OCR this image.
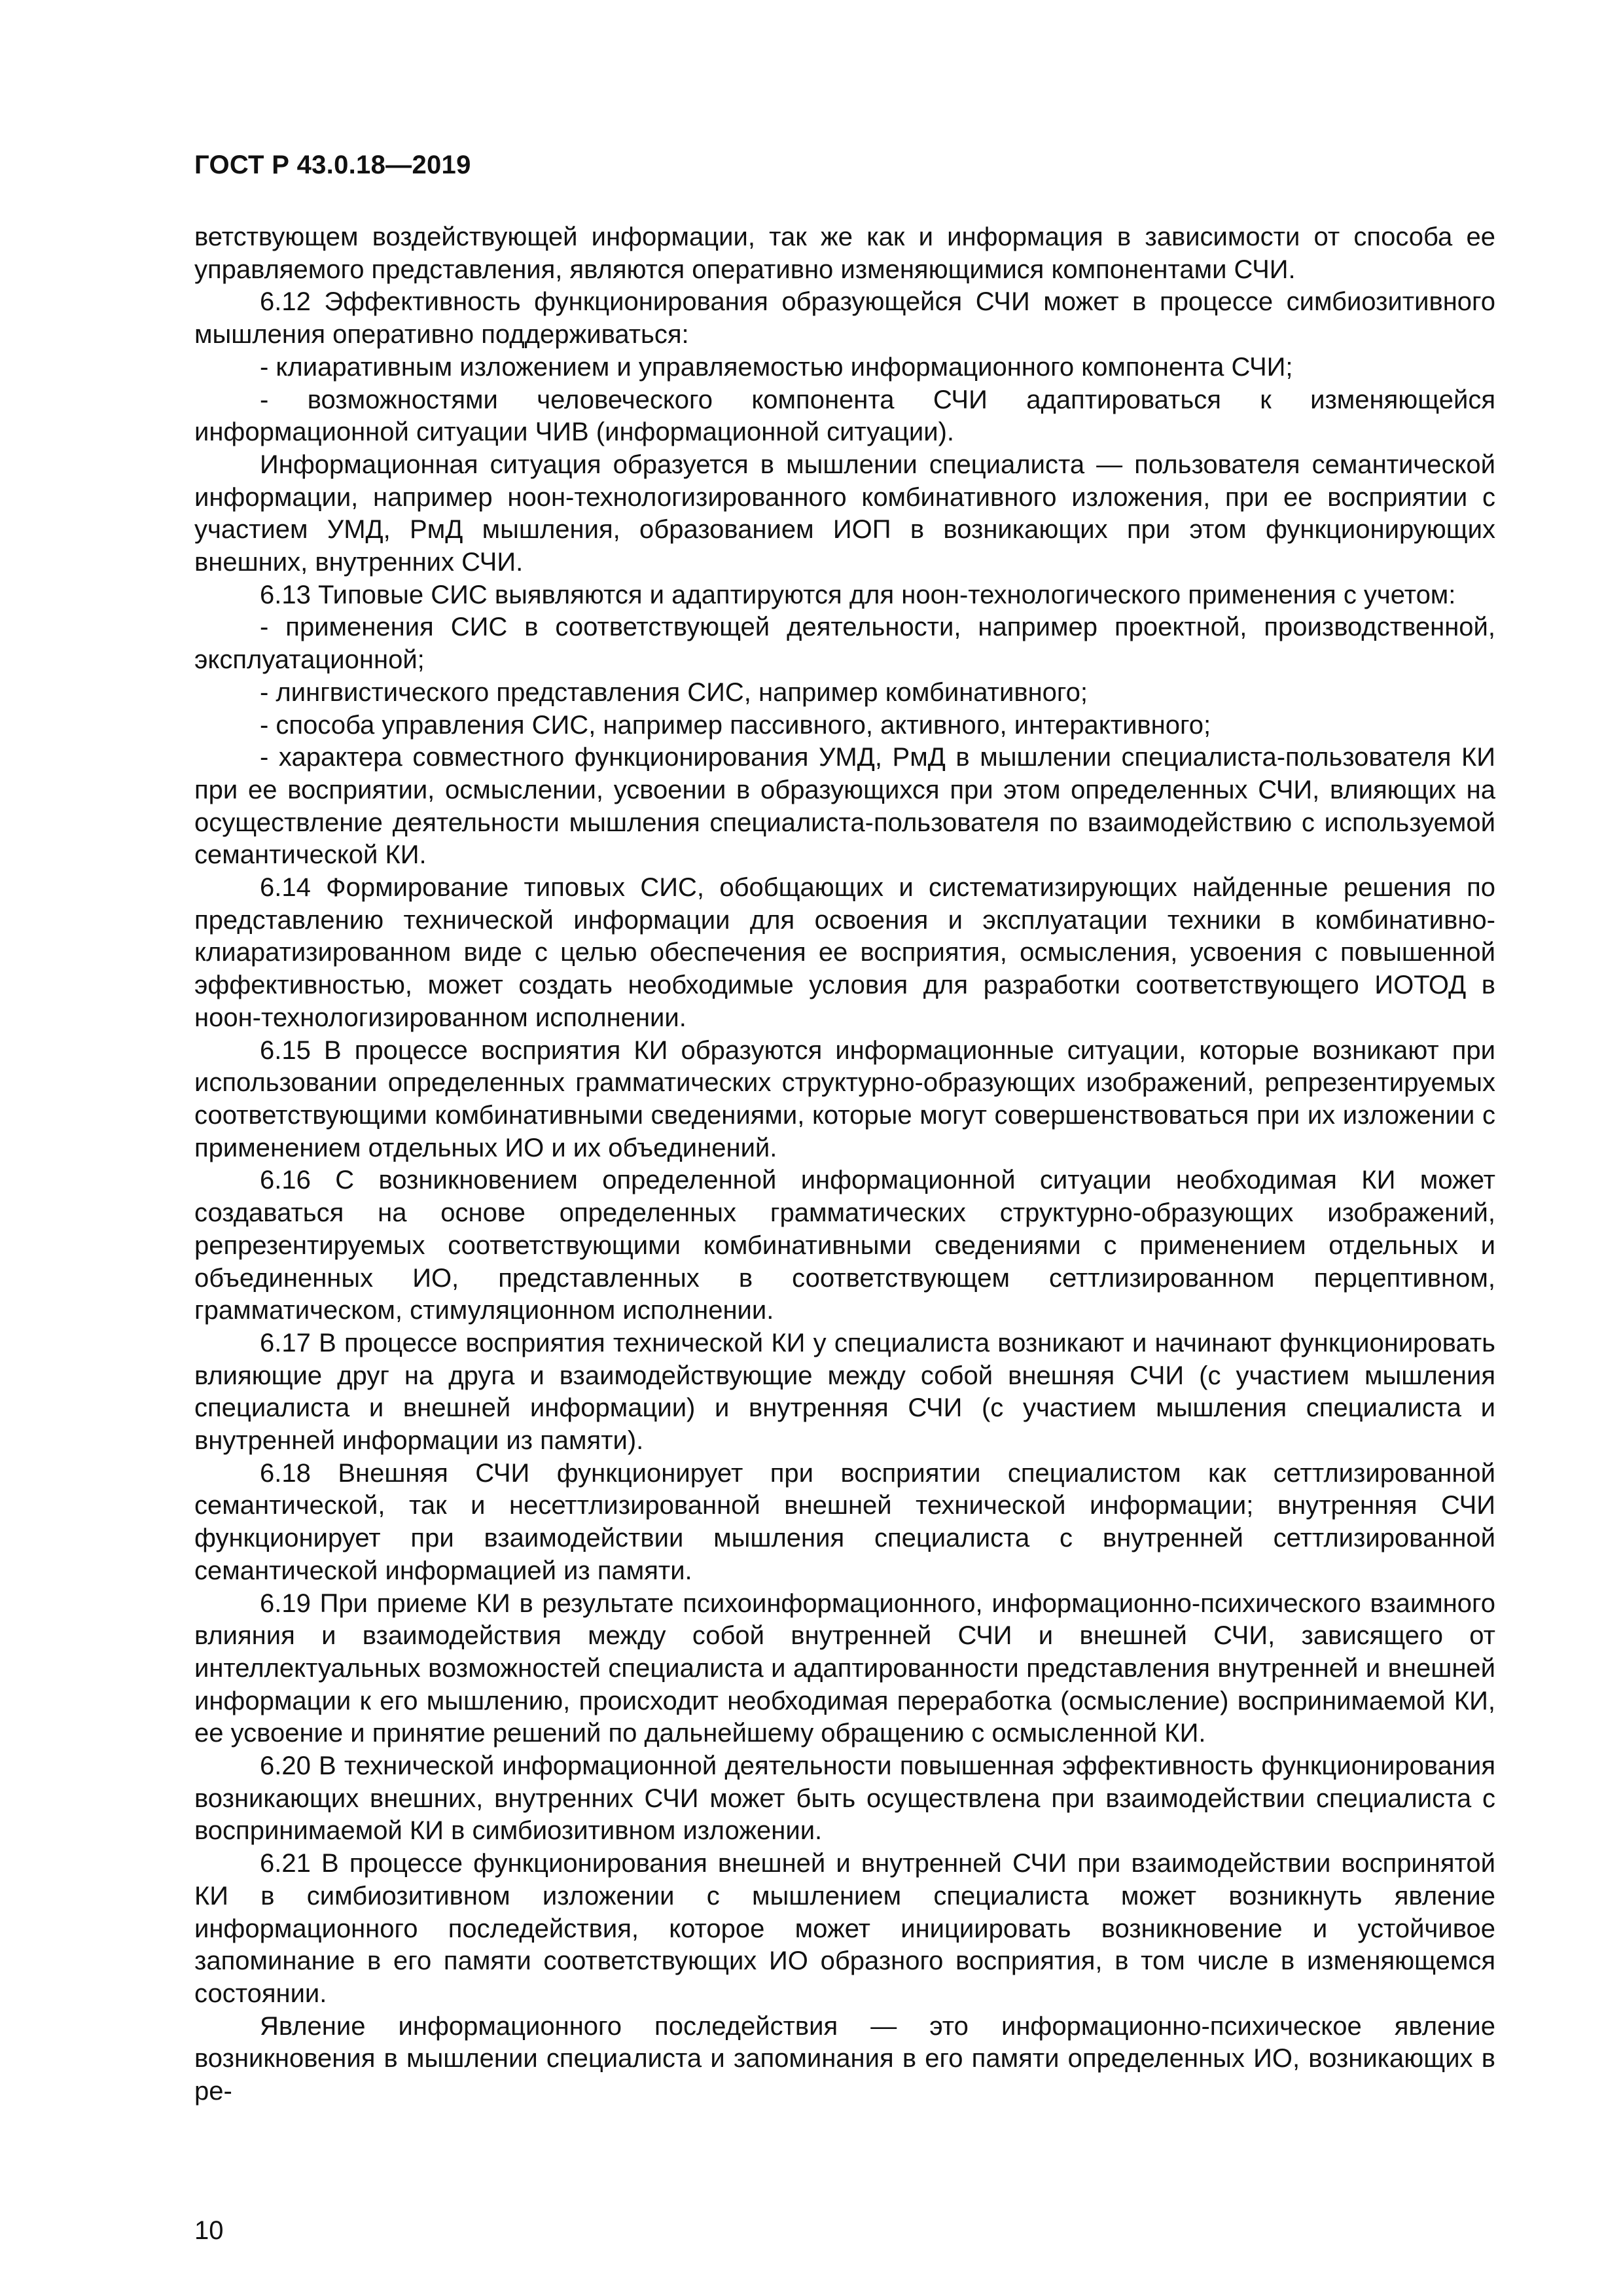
ГОСТ Р 43.0.18—2019

ветствующем воздействующей информации, так же как и информация в зависимости от способа ее управляемого представления, являются оперативно изменяющимися компонентами СЧИ.

6.12 Эффективность функционирования образующейся СЧИ может в процессе симбиозитивного мышления оперативно поддерживаться:

- клиаративным изложением и управляемостью информационного компонента СЧИ;

- возможностями человеческого компонента СЧИ адаптироваться к изменяющейся информационной ситуации ЧИВ (информационной ситуации).

Информационная ситуация образуется в мышлении специалиста — пользователя семантической информации, например ноон-технологизированного комбинативного изложения, при ее восприятии с участием УМД, РмД мышления, образованием ИОП в возникающих при этом функционирующих внешних, внутренних СЧИ.

6.13 Типовые СИС выявляются и адаптируются для ноон-технологического применения с учетом:

- применения СИС в соответствующей деятельности, например проектной, производственной, эксплуатационной;

- лингвистического представления СИС, например комбинативного;

- способа управления СИС, например пассивного, активного, интерактивного;

- характера совместного функционирования УМД, РмД в мышлении специалиста-пользователя КИ при ее восприятии, осмыслении, усвоении в образующихся при этом определенных СЧИ, влияющих на осуществление деятельности мышления специалиста-пользователя по взаимодействию с используемой семантической КИ.

6.14 Формирование типовых СИС, обобщающих и систематизирующих найденные решения по представлению технической информации для освоения и эксплуатации техники в комбинативно-клиаратизированном виде с целью обеспечения ее восприятия, осмысления, усвоения с повышенной эффективностью, может создать необходимые условия для разработки соответствующего ИОТОД в ноон-технологизированном исполнении.

6.15 В процессе восприятия КИ образуются информационные ситуации, которые возникают при использовании определенных грамматических структурно-образующих изображений, репрезентируемых соответствующими комбинативными сведениями, которые могут совершенствоваться при их изложении с применением отдельных ИО и их объединений.

6.16 С возникновением определенной информационной ситуации необходимая КИ может создаваться на основе определенных грамматических структурно-образующих изображений, репрезентируемых соответствующими комбинативными сведениями с применением отдельных и объединенных ИО, представленных в соответствующем сеттлизированном перцептивном, грамматическом, стимуляционном исполнении.

6.17 В процессе восприятия технической КИ у специалиста возникают и начинают функционировать влияющие друг на друга и взаимодействующие между собой внешняя СЧИ (с участием мышления специалиста и внешней информации) и внутренняя СЧИ (с участием мышления специалиста и внутренней информации из памяти).

6.18 Внешняя СЧИ функционирует при восприятии специалистом как сеттлизированной семантической, так и несеттлизированной внешней технической информации; внутренняя СЧИ функционирует при взаимодействии мышления специалиста с внутренней сеттлизированной семантической информацией из памяти.

6.19 При приеме КИ в результате психоинформационного, информационно-психического взаимного влияния и взаимодействия между собой внутренней СЧИ и внешней СЧИ, зависящего от интеллектуальных возможностей специалиста и адаптированности представления внутренней и внешней информации к его мышлению, происходит необходимая переработка (осмысление) воспринимаемой КИ, ее усвоение и принятие решений по дальнейшему обращению с осмысленной КИ.

6.20 В технической информационной деятельности повышенная эффективность функционирования возникающих внешних, внутренних СЧИ может быть осуществлена при взаимодействии специалиста с воспринимаемой КИ в симбиозитивном изложении.

6.21 В процессе функционирования внешней и внутренней СЧИ при взаимодействии воспринятой КИ в симбиозитивном изложении с мышлением специалиста может возникнуть явление информационного последействия, которое может инициировать возникновение и устойчивое запоминание в его памяти соответствующих ИО образного восприятия, в том числе в изменяющемся состоянии.

Явление информационного последействия — это информационно-психическое явление возникновения в мышлении специалиста и запоминания в его памяти определенных ИО, возникающих в ре-

10
